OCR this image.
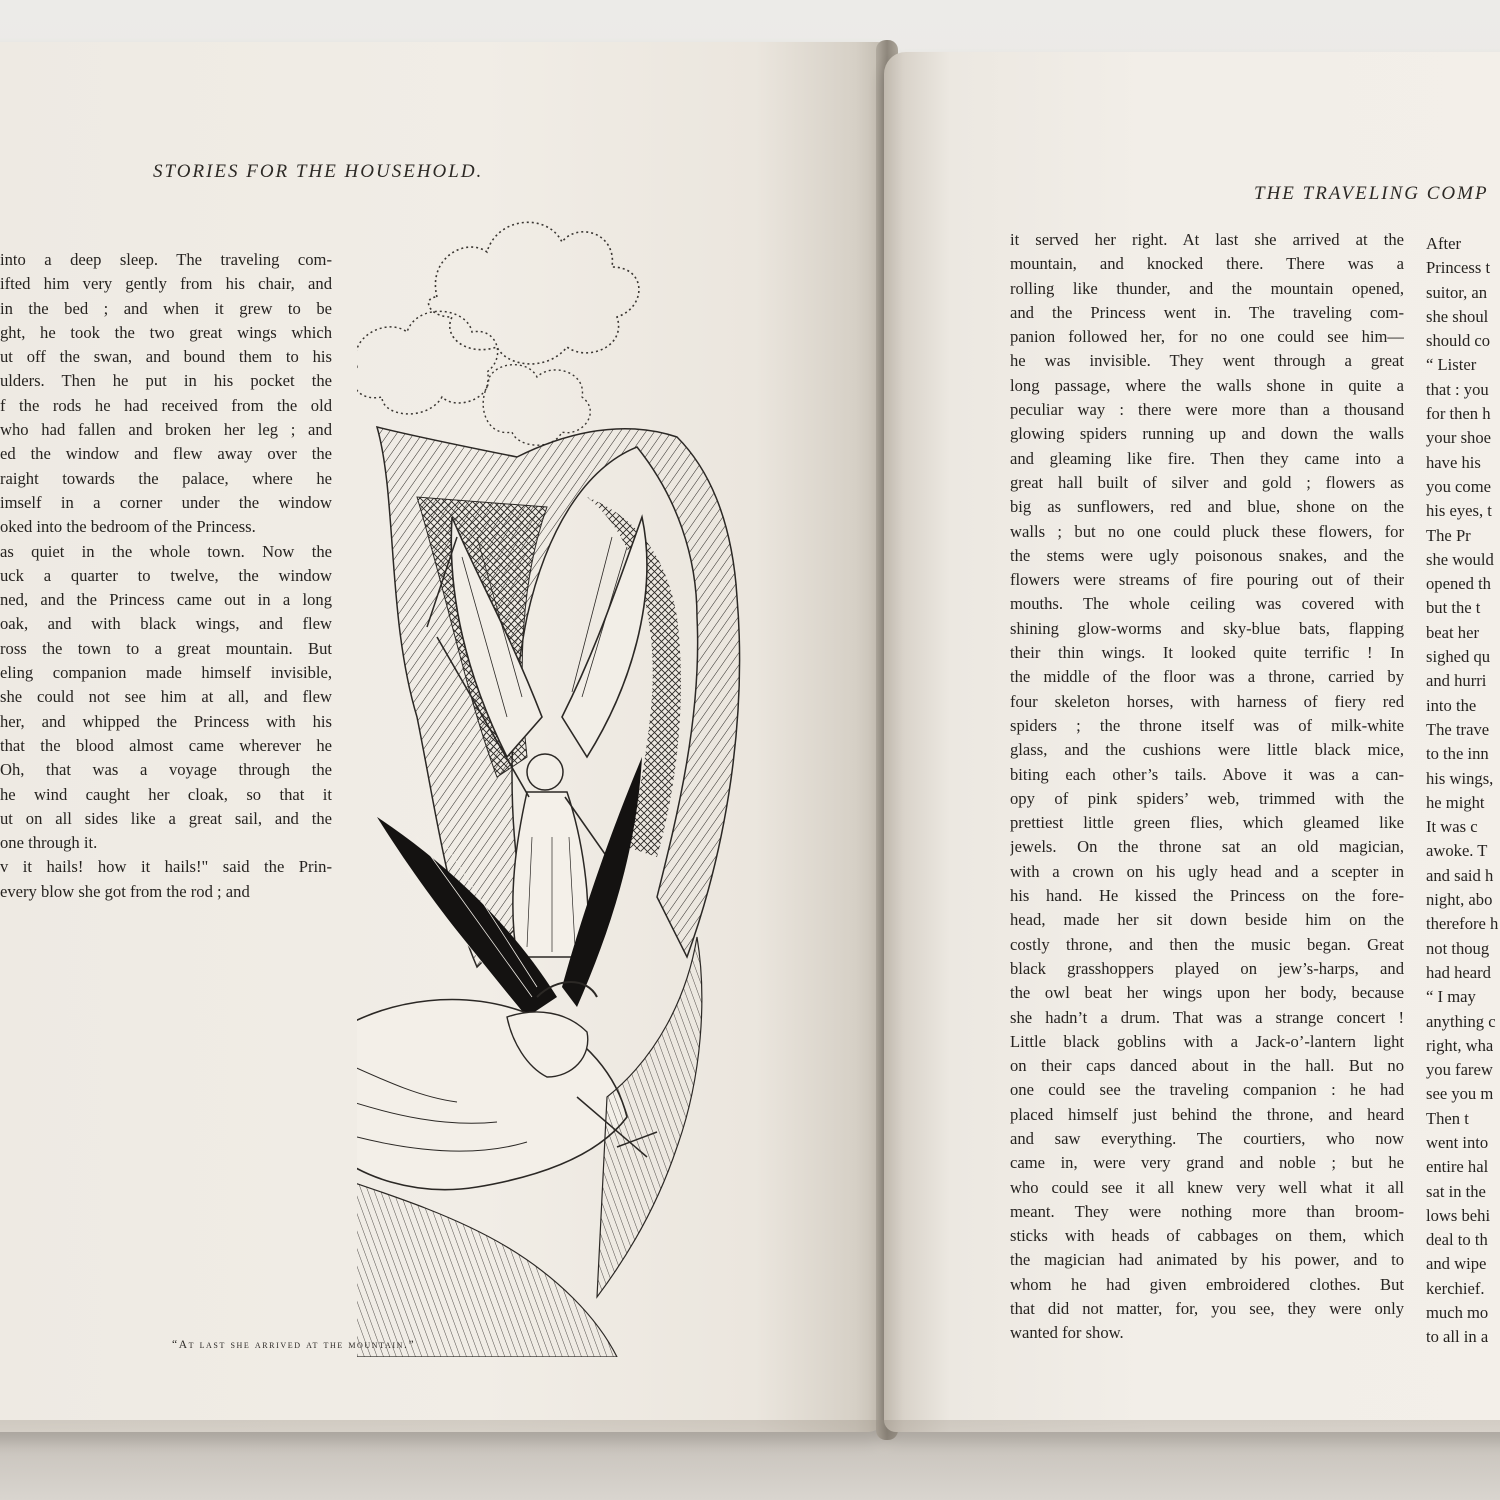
STORIES FOR THE HOUSEHOLD.
into a deep sleep. The traveling com-
ifted him very gently from his chair, and
in the bed ; and when it grew to be
ght, he took the two great wings which
ut off the swan, and bound them to his
ulders. Then he put in his pocket the
f the rods he had received from the old
who had fallen and broken her leg ; and
ed the window and flew away over the
raight towards the palace, where he
imself in a corner under the window
oked into the bedroom of the Princess.
as quiet in the whole town. Now the
uck a quarter to twelve, the window
ned, and the Princess came out in a long
oak, and with black wings, and flew
ross the town to a great mountain. But
eling companion made himself invisible,
she could not see him at all, and flew
her, and whipped the Princess with his
that the blood almost came wherever he
Oh, that was a voyage through the
he wind caught her cloak, so that it
ut on all sides like a great sail, and the
one through it.
v it hails! how it hails!" said the Prin-
every blow she got from the rod ; and
“At last she arrived at the mountain.”
THE TRAVELING COMP
it served her right. At last she arrived at the
mountain, and knocked there. There was a
rolling like thunder, and the mountain opened,
and the Princess went in. The traveling com-
panion followed her, for no one could see him—
he was invisible. They went through a great
long passage, where the walls shone in quite a
peculiar way : there were more than a thousand
glowing spiders running up and down the walls
and gleaming like fire. Then they came into a
great hall built of silver and gold ; flowers as
big as sunflowers, red and blue, shone on the
walls ; but no one could pluck these flowers, for
the stems were ugly poisonous snakes, and the
flowers were streams of fire pouring out of their
mouths. The whole ceiling was covered with
shining glow-worms and sky-blue bats, flapping
their thin wings. It looked quite terrific ! In
the middle of the floor was a throne, carried by
four skeleton horses, with harness of fiery red
spiders ; the throne itself was of milk-white
glass, and the cushions were little black mice,
biting each other’s tails. Above it was a can-
opy of pink spiders’ web, trimmed with the
prettiest little green flies, which gleamed like
jewels. On the throne sat an old magician,
with a crown on his ugly head and a scepter in
his hand. He kissed the Princess on the fore-
head, made her sit down beside him on the
costly throne, and then the music began. Great
black grasshoppers played on jew’s-harps, and
the owl beat her wings upon her body, because
she hadn’t a drum. That was a strange concert !
Little black goblins with a Jack-o’-lantern light
on their caps danced about in the hall. But no
one could see the traveling companion : he had
placed himself just behind the throne, and heard
and saw everything. The courtiers, who now
came in, were very grand and noble ; but he
who could see it all knew very well what it all
meant. They were nothing more than broom-
sticks with heads of cabbages on them, which
the magician had animated by his power, and to
whom he had given embroidered clothes. But
that did not matter, for, you see, they were only
wanted for show.
After
Princess t
suitor, an
she shoul
should co
“ Lister
that : you
for then h
your shoe
have his
you come
his eyes, t
The Pr
she would
opened th
but the t
beat her
sighed qu
and hurri
into the
The trave
to the inn
his wings,
he might
It was c
awoke. T
and said h
night, abo
therefore h
not thoug
had heard
“ I may
anything c
right, wha
you farew
see you m
Then t
went into
entire hal
sat in the
lows behi
deal to th
and wipe
kerchief.
much mo
to all in a
